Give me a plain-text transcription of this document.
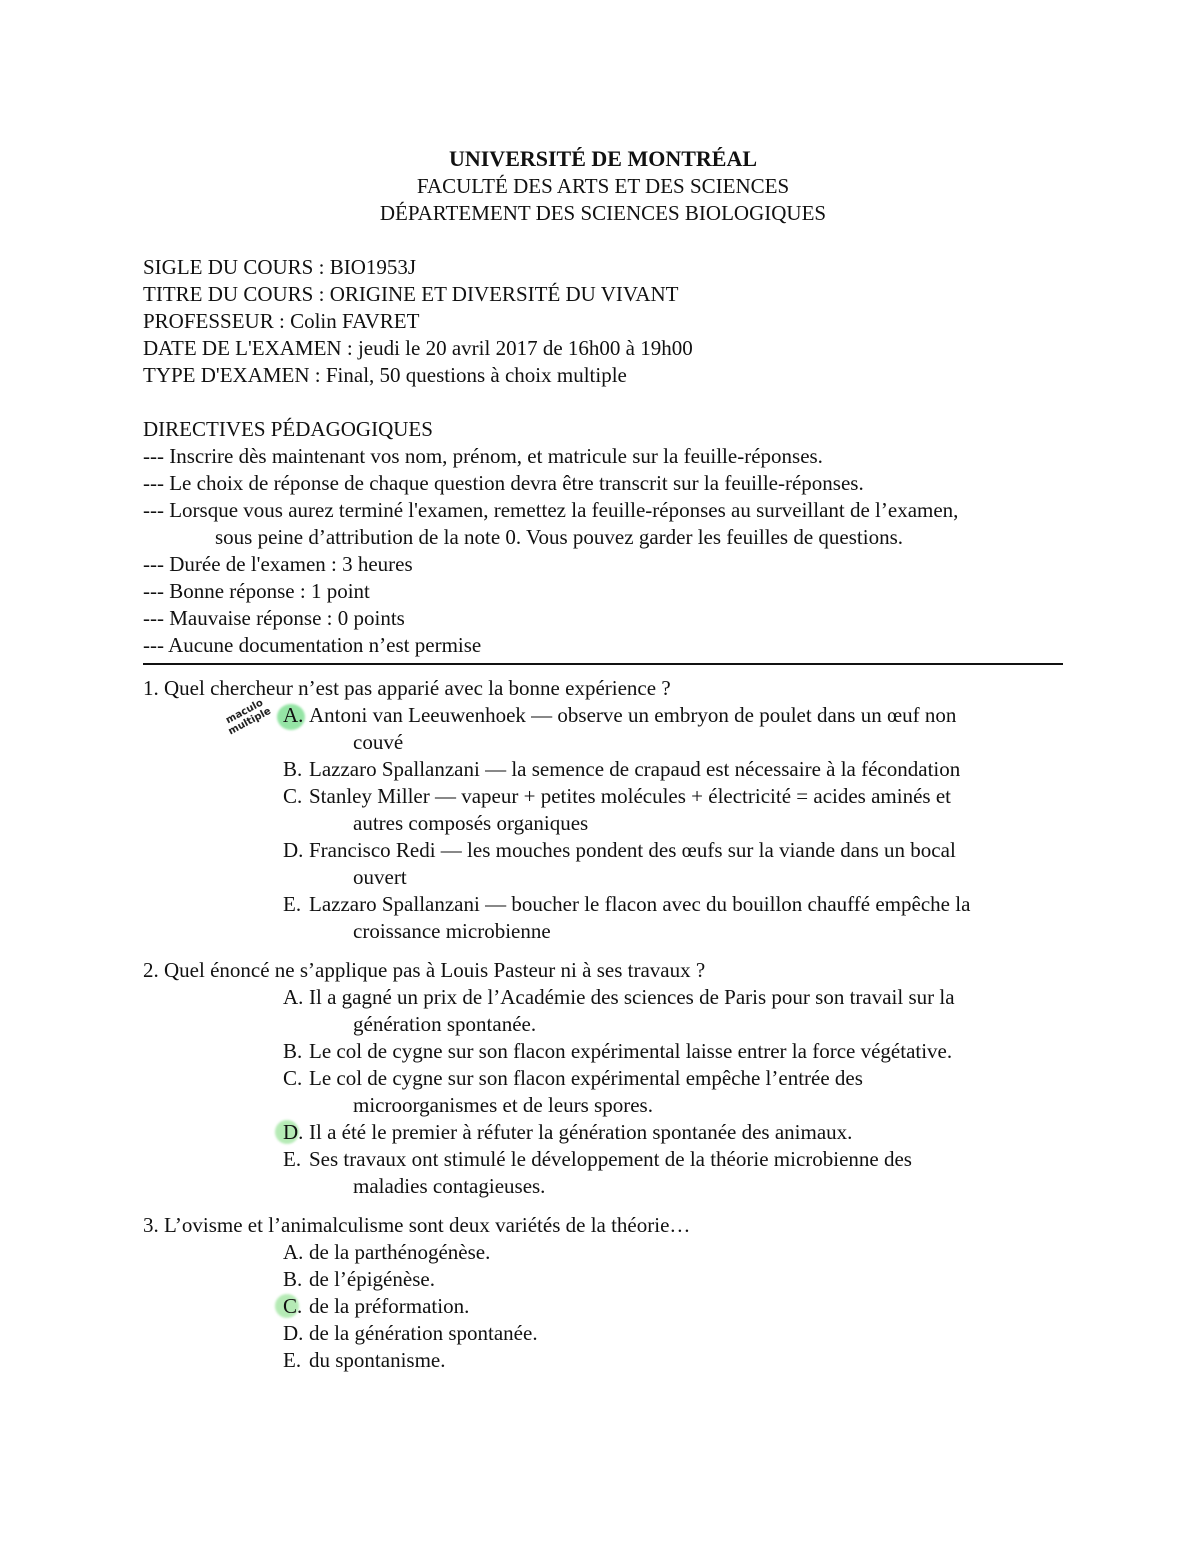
UNIVERSITÉ DE MONTRÉAL
FACULTÉ DES ARTS ET DES SCIENCES
DÉPARTEMENT DES SCIENCES BIOLOGIQUES
SIGLE DU COURS : BIO1953J
TITRE DU COURS : ORIGINE ET DIVERSITÉ DU VIVANT
PROFESSEUR : Colin FAVRET
DATE DE L'EXAMEN : jeudi le 20 avril 2017 de 16h00 à 19h00
TYPE D'EXAMEN : Final, 50 questions à choix multiple
DIRECTIVES PÉDAGOGIQUES
--- Inscrire dès maintenant vos nom, prénom, et matricule sur la feuille-réponses.
--- Le choix de réponse de chaque question devra être transcrit sur la feuille-réponses.
--- Lorsque vous aurez terminé l'examen, remettez la feuille-réponses au surveillant de l’examen,
sous peine d’attribution de la note 0. Vous pouvez garder les feuilles de questions.
--- Durée de l'examen : 3 heures
--- Bonne réponse : 1 point
--- Mauvaise réponse : 0 points
--- Aucune documentation n’est permise
1. Quel chercheur n’est pas apparié avec la bonne expérience ?
A. Antoni van Leeuwenhoek — observe un embryon de poulet dans un œuf non
couvé
B. Lazzaro Spallanzani — la semence de crapaud est nécessaire à la fécondation
C. Stanley Miller — vapeur + petites molécules + électricité = acides aminés et
autres composés organiques
D. Francisco Redi — les mouches pondent des œufs sur la viande dans un bocal
ouvert
E. Lazzaro Spallanzani — boucher le flacon avec du bouillon chauffé empêche la
croissance microbienne
2. Quel énoncé ne s’applique pas à Louis Pasteur ni à ses travaux ?
A. Il a gagné un prix de l’Académie des sciences de Paris pour son travail sur la
génération spontanée.
B. Le col de cygne sur son flacon expérimental laisse entrer la force végétative.
C. Le col de cygne sur son flacon expérimental empêche l’entrée des
microorganismes et de leurs spores.
D. Il a été le premier à réfuter la génération spontanée des animaux.
E. Ses travaux ont stimulé le développement de la théorie microbienne des
maladies contagieuses.
3. L’ovisme et l’animalculisme sont deux variétés de la théorie…
A. de la parthénogénèse.
B. de l’épigénèse.
C. de la préformation.
D. de la génération spontanée.
E. du spontanisme.
maculo multiple
